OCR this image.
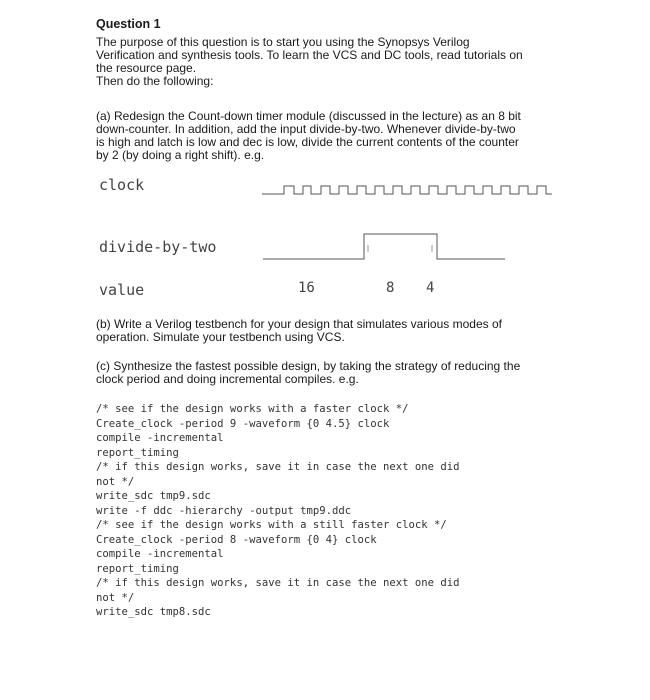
Question 1
The purpose of this question is to start you using the Synopsys Verilog
Verification and synthesis tools. To learn the VCS and DC tools, read tutorials on
the resource page.
Then do the following:
(a) Redesign the Count-down timer module (discussed in the lecture) as an 8 bit
down-counter. In addition, add the input divide-by-two. Whenever divide-by-two
is high and latch is low and dec is low, divide the current contents of the counter
by 2 (by doing a right shift). e.g.
clock
divide-by-two
value	16	8 4
(b) Write a Verilog testbench for your design that simulates various modes of
operation. Simulate your testbench using VCS.
(c) Synthesize the fastest possible design, by taking the strategy of reducing the
clock period and doing incremental compiles. e.g.
/* see if the design works with a faster clock */
Create_clock -period 9 -waveform {0 4.5} clock
compile -incremental
report_timing
/* if this design works, save it in case the next one did
not */
write_sdc tmp9.sdc
write -f ddc -hierarchy -output tmp9.ddc
/* see if the design works with a still faster clock */
Create_clock -period 8 -waveform {0 4} clock
compile -incremental
report_timing
/* if this design works, save it in case the next one did
not */
write_sdc tmp8.sdc
